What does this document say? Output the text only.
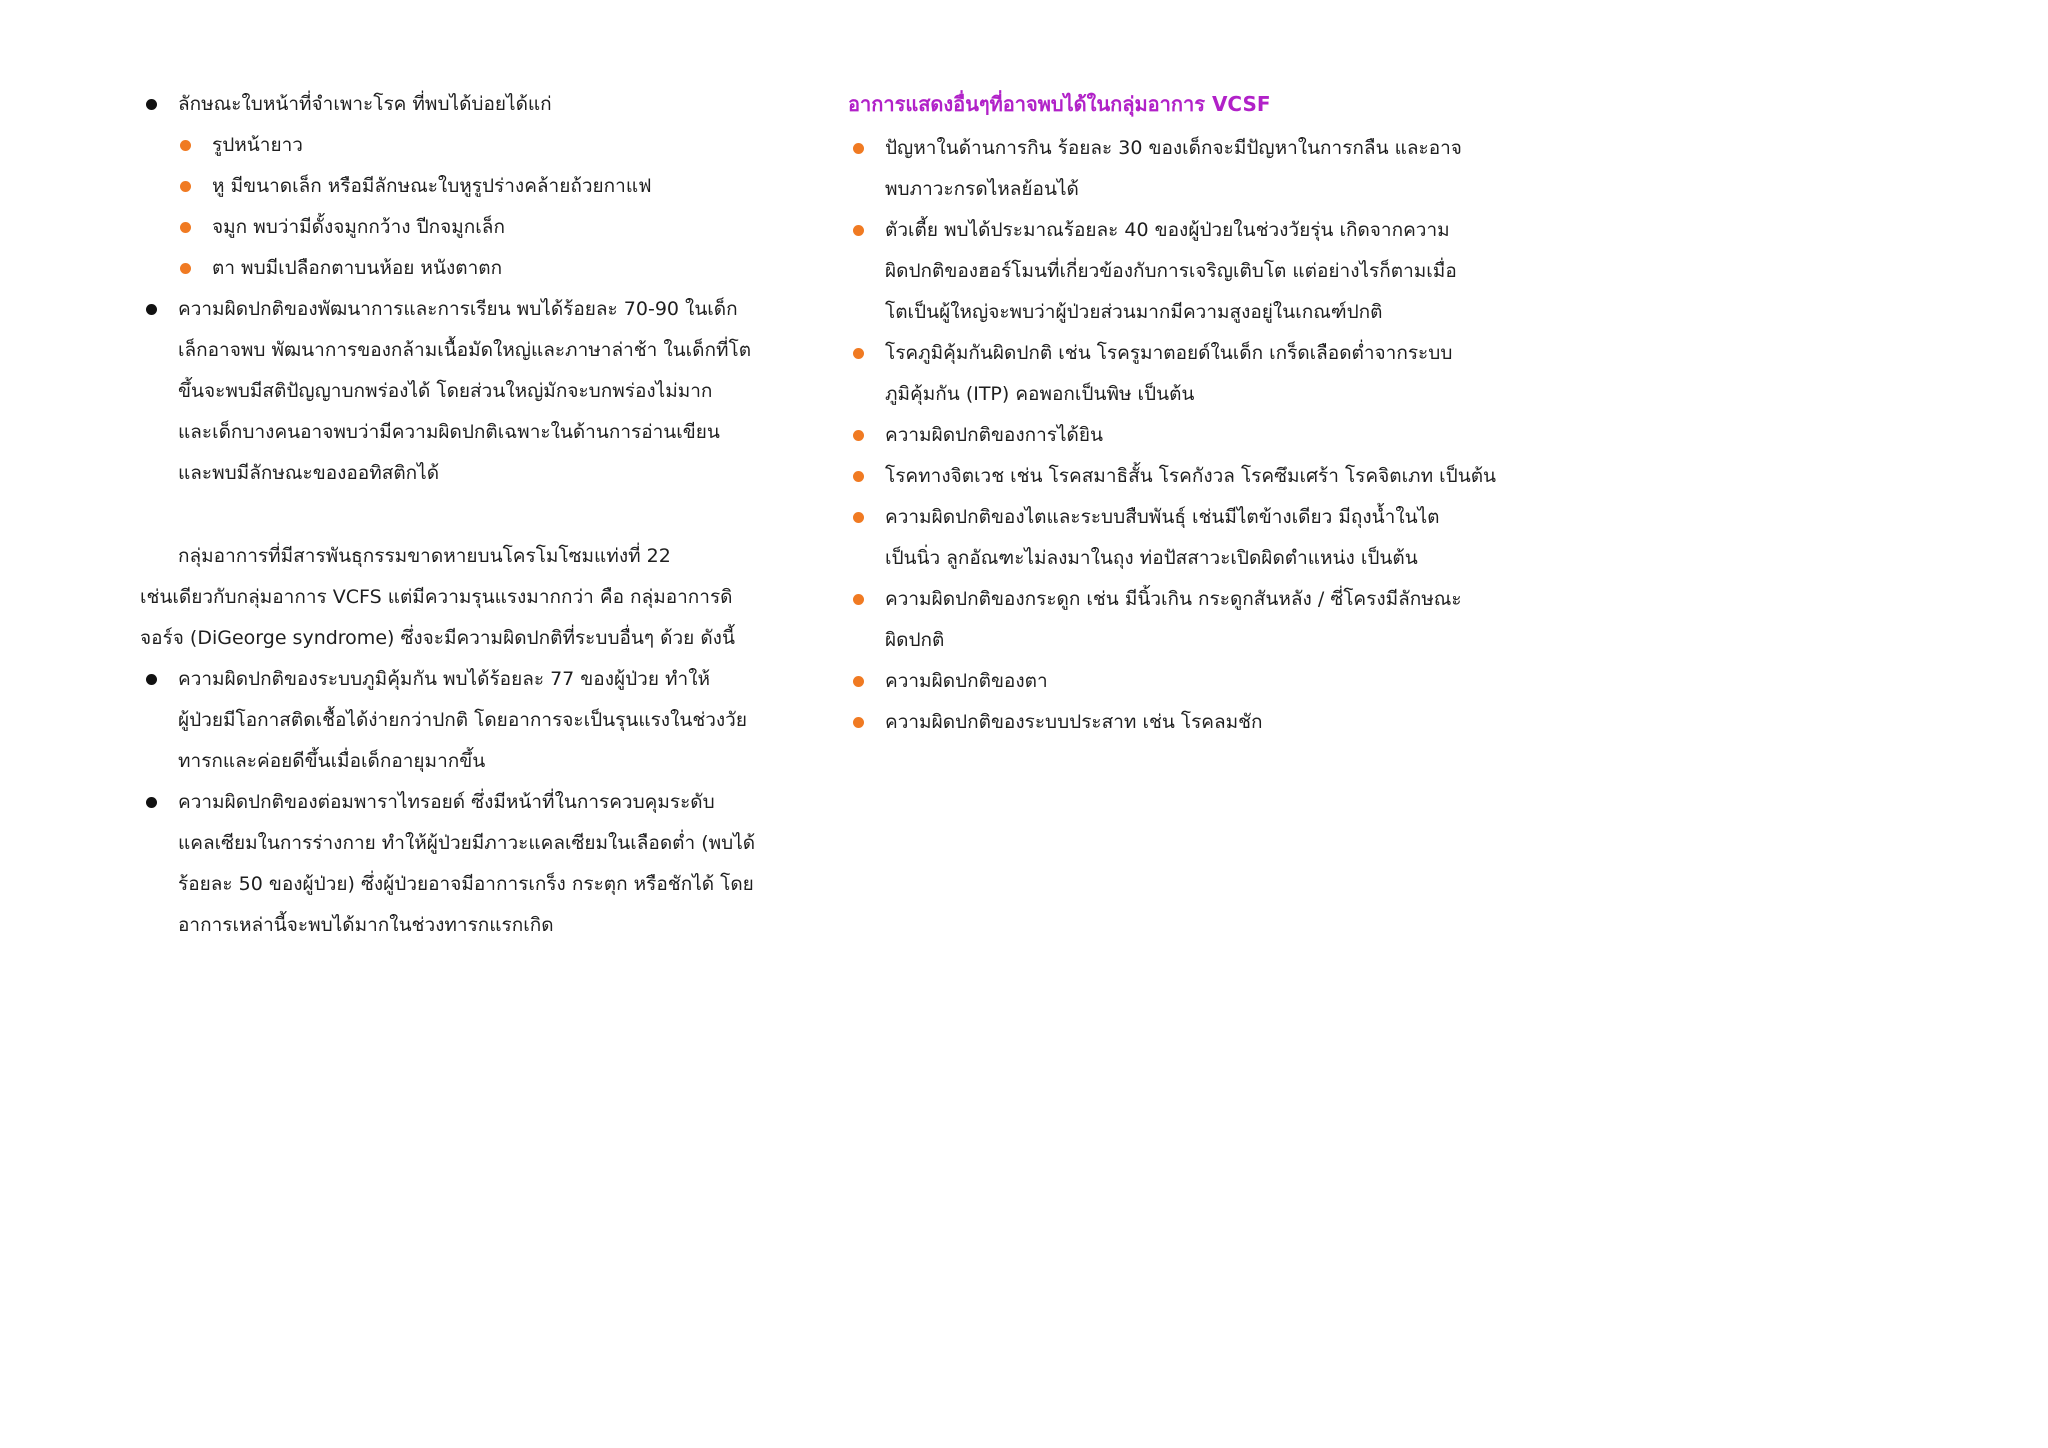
ลักษณะใบหน้าที่จำเพาะโรค ที่พบได้บ่อยได้แก่
รูปหน้ายาว
หู มีขนาดเล็ก หรือมีลักษณะใบหูรูปร่างคล้ายถ้วยกาแฟ
จมูก พบว่ามีดั้งจมูกกว้าง ปีกจมูกเล็ก
ตา พบมีเปลือกตาบนห้อย หนังตาตก
ความผิดปกติของพัฒนาการและการเรียน พบได้ร้อยละ 70-90 ในเด็ก
เล็กอาจพบ พัฒนาการของกล้ามเนื้อมัดใหญ่และภาษาล่าช้า ในเด็กที่โต
ขึ้นจะพบมีสติปัญญาบกพร่องได้ โดยส่วนใหญ่มักจะบกพร่องไม่มาก
และเด็กบางคนอาจพบว่ามีความผิดปกติเฉพาะในด้านการอ่านเขียน
และพบมีลักษณะของออทิสติกได้
กลุ่มอาการที่มีสารพันธุกรรมขาดหายบนโครโมโซมแท่งที่ 22
เช่นเดียวกับกลุ่มอาการ VCFS แต่มีความรุนแรงมากกว่า คือ กลุ่มอาการดิ
จอร์จ (DiGeorge syndrome) ซึ่งจะมีความผิดปกติที่ระบบอื่นๆ ด้วย ดังนี้
ความผิดปกติของระบบภูมิคุ้มกัน พบได้ร้อยละ 77 ของผู้ป่วย ทำให้
ผู้ป่วยมีโอกาสติดเชื้อได้ง่ายกว่าปกติ โดยอาการจะเป็นรุนแรงในช่วงวัย
ทารกและค่อยดีขึ้นเมื่อเด็กอายุมากขึ้น
ความผิดปกติของต่อมพาราไทรอยด์ ซึ่งมีหน้าที่ในการควบคุมระดับ
แคลเซียมในการร่างกาย ทำให้ผู้ป่วยมีภาวะแคลเซียมในเลือดต่ำ (พบได้
ร้อยละ 50 ของผู้ป่วย) ซึ่งผู้ป่วยอาจมีอาการเกร็ง กระตุก หรือชักได้ โดย
อาการเหล่านี้จะพบได้มากในช่วงทารกแรกเกิด
อาการแสดงอื่นๆที่อาจพบได้ในกลุ่มอาการ VCSF
ปัญหาในด้านการกิน ร้อยละ 30 ของเด็กจะมีปัญหาในการกลืน และอาจ
พบภาวะกรดไหลย้อนได้
ตัวเตี้ย พบได้ประมาณร้อยละ 40 ของผู้ป่วยในช่วงวัยรุ่น เกิดจากความ
ผิดปกติของฮอร์โมนที่เกี่ยวข้องกับการเจริญเติบโต แต่อย่างไรก็ตามเมื่อ
โตเป็นผู้ใหญ่จะพบว่าผู้ป่วยส่วนมากมีความสูงอยู่ในเกณฑ์ปกติ
โรคภูมิคุ้มกันผิดปกติ เช่น โรครูมาตอยด์ในเด็ก เกร็ดเลือดต่ำจากระบบ
ภูมิคุ้มกัน (ITP) คอพอกเป็นพิษ เป็นต้น
ความผิดปกติของการได้ยิน
โรคทางจิตเวช เช่น โรคสมาธิสั้น โรคกังวล โรคซึมเศร้า โรคจิตเภท เป็นต้น
ความผิดปกติของไตและระบบสืบพันธุ์ เช่นมีไตข้างเดียว มีถุงน้ำในไต
เป็นนิ่ว ลูกอัณฑะไม่ลงมาในถุง ท่อปัสสาวะเปิดผิดตำแหน่ง เป็นต้น
ความผิดปกติของกระดูก เช่น มีนิ้วเกิน กระดูกสันหลัง / ซี่โครงมีลักษณะ
ผิดปกติ
ความผิดปกติของตา
ความผิดปกติของระบบประสาท เช่น โรคลมชัก
